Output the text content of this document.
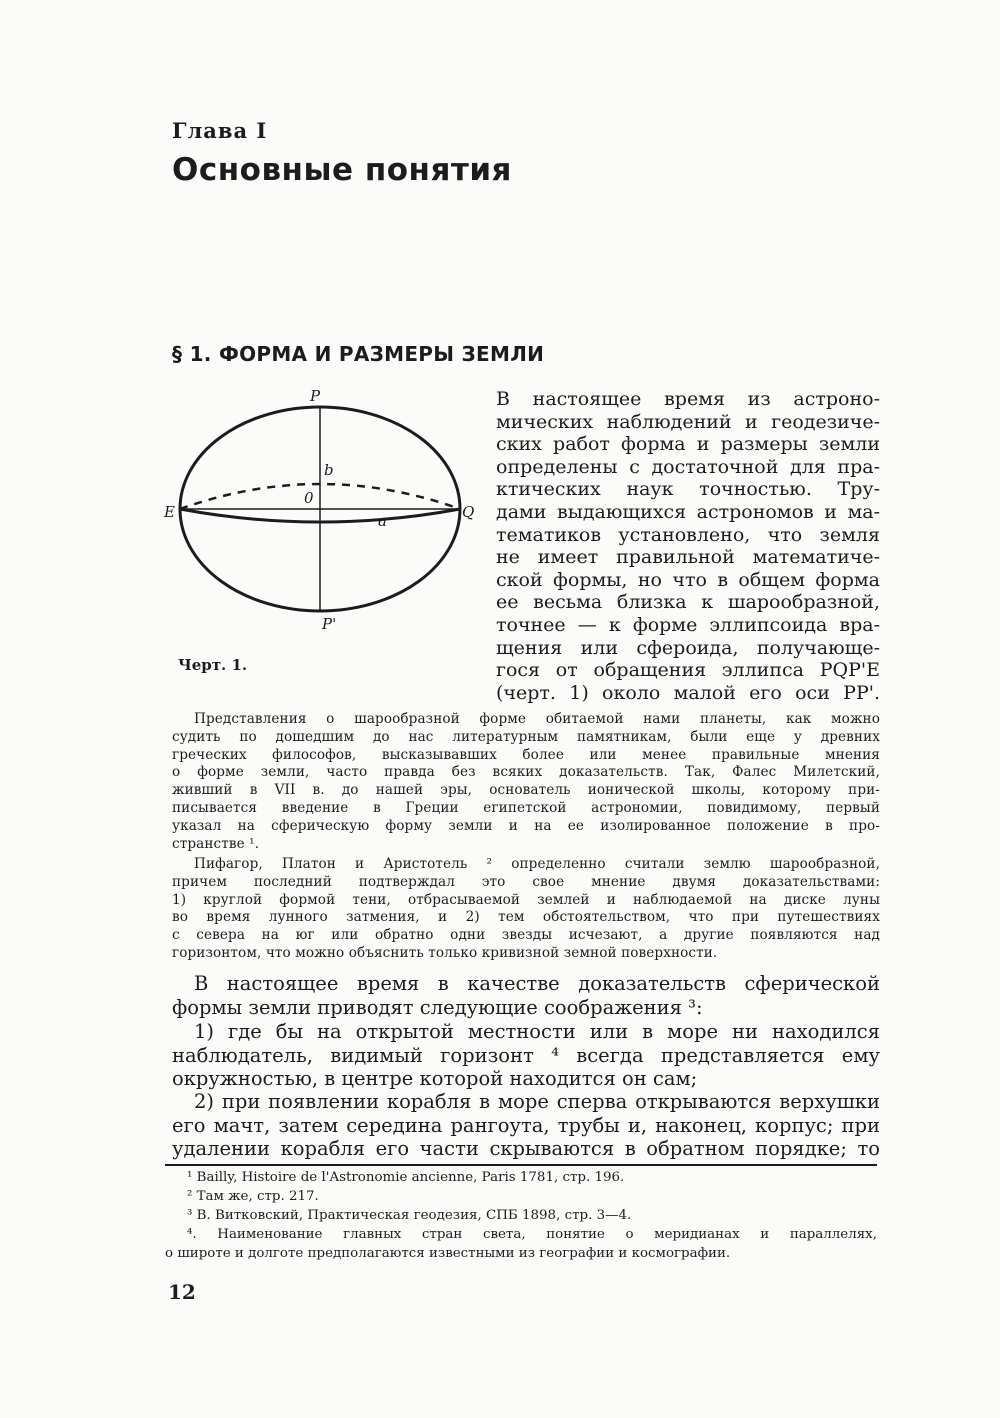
Глава I
Основные понятия
§ 1. ФОРМА И РАЗМЕРЫ ЗЕМЛИ
P
P'
E	Q
0
b
a
Черт. 1.
В настоящее время из астроно-
мических наблюдений и геодезиче-
ских работ форма и размеры земли
определены с достаточной для пра-
ктических наук точностью. Тру-
дами выдающихся астрономов и ма-
тематиков установлено, что земля
не имеет правильной математиче-
ской формы, но что в общем форма
ее весьма близка к шарообразной,
точнее — к форме эллипсоида вра-
щения или сфероида, получающе-
гося от обращения эллипса PQP'E
(черт. 1) около малой его оси PP'.
Представления о шарообразной форме обитаемой нами планеты, как можно
судить по дошедшим до нас литературным памятникам, были еще у древних
греческих философов, высказывавших более или менее правильные мнения
о форме земли, часто правда без всяких доказательств. Так, Фалес Милетский,
живший в VII в. до нашей эры, основатель ионической школы, которому при-
писывается введение в Греции египетской астрономии, повидимому, первый
указал на сферическую форму земли и на ее изолированное положение в про-
странстве ¹.
Пифагор, Платон и Аристотель ² определенно считали землю шарообразной,
причем последний подтверждал это свое мнение двумя доказательствами:
1) круглой формой тени, отбрасываемой землей и наблюдаемой на диске луны
во время лунного затмения, и 2) тем обстоятельством, что при путешествиях
с севера на юг или обратно одни звезды исчезают, а другие появляются над
горизонтом, что можно объяснить только кривизной земной поверхности.
В настоящее время в качестве доказательств сферической
формы земли приводят следующие соображения ³:
1) где бы на открытой местности или в море ни находился
наблюдатель, видимый горизонт ⁴ всегда представляется ему
окружностью, в центре которой находится он сам;
2) при появлении корабля в море сперва открываются верхушки
его мачт, затем середина рангоута, трубы и, наконец, корпус; при
удалении корабля его части скрываются в обратном порядке; то
¹ Bailly, Histoire de l'Astronomie ancienne, Paris 1781, стр. 196.
² Там же, стр. 217.
³ В. Витковский, Практическая геодезия, СПБ 1898, стр. 3—4.
⁴. Наименование главных стран света, понятие о меридианах и параллелях,
о широте и долготе предполагаются известными из географии и космографии.
12
